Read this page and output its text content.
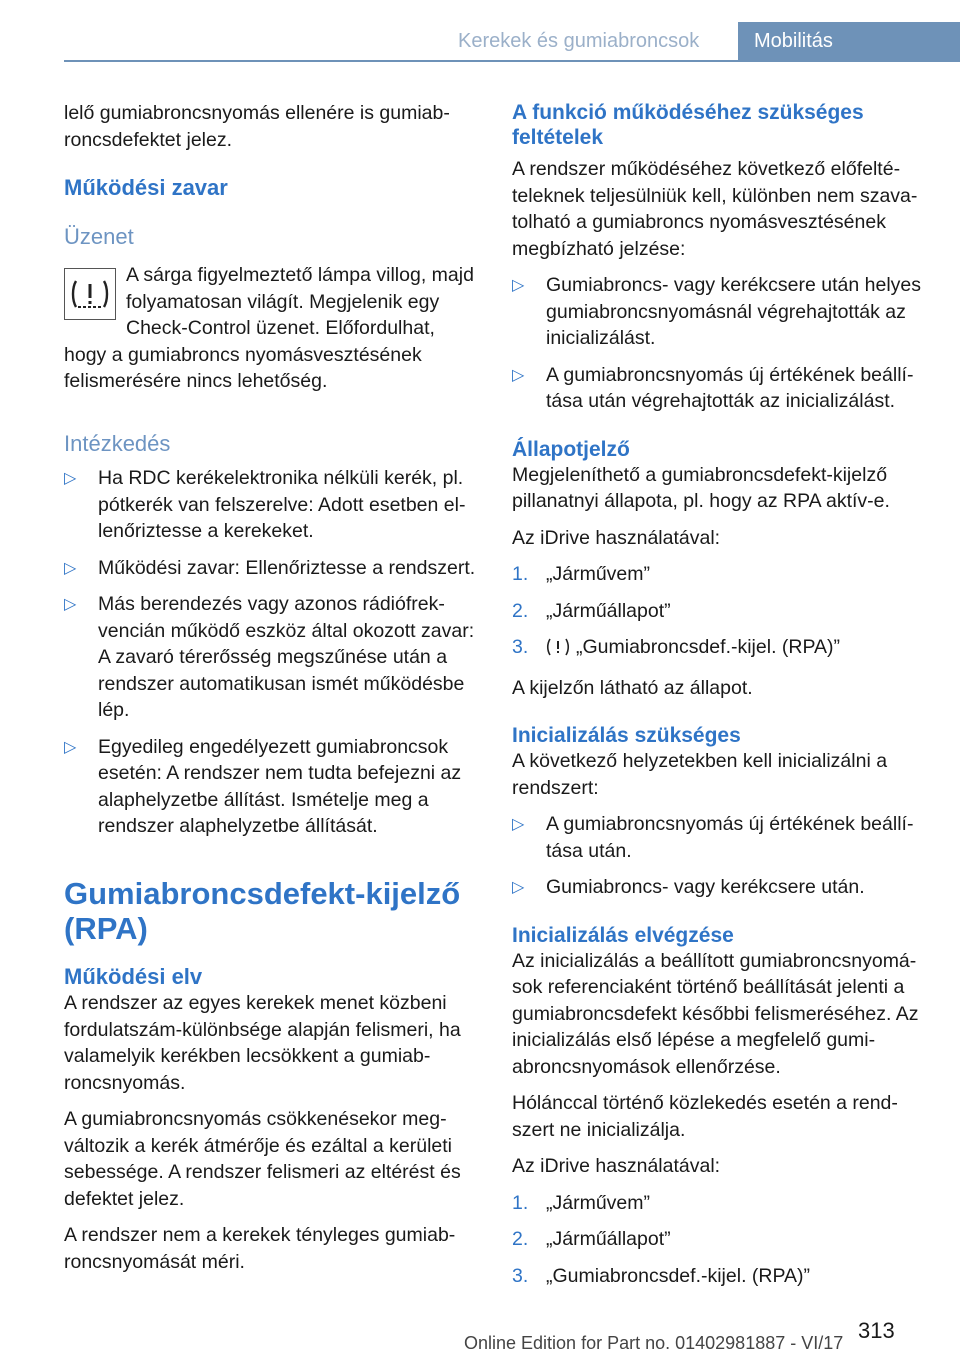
Kerekek és gumiabroncsok	Mobilitás

lelő gumiabroncsnyomás ellenére is gumiabroncsdefektet jelez.

Működési zavar
Üzenet
A sárga figyelmeztető lámpa villog, majd folyamatosan világít. Megjelenik egy Check-Control üzenet. Előfordulhat, hogy a gumiabroncs nyomásvesztésének felismerésére nincs lehetőség.
Intézkedés
▷ Ha RDC kerékelektronika nélküli kerék, pl. pótkerék van felszerelve: Adott esetben ellenőriztesse a kerekeket.
▷ Működési zavar: Ellenőriztesse a rendszert.
▷ Más berendezés vagy azonos rádiófrekvencián működő eszköz által okozott zavar: A zavaró térerősség megszűnése után a rendszer automatikusan ismét működésbe lép.
▷ Egyedileg engedélyezett gumiabroncsok esetén: A rendszer nem tudta befejezni az alaphelyzetbe állítást. Ismételje meg a rendszer alaphelyzetbe állítását.
Gumiabroncsdefekt-kijelző (RPA)
Működési elv

A rendszer az egyes kerekek menet közbeni fordulatszám-különbsége alapján felismeri, ha valamelyik kerékben lecsökkent a gumiabroncsnyomás.

A gumiabroncsnyomás csökkenésekor megváltozik a kerék átmérője és ezáltal a kerületi sebessége. A rendszer felismeri az eltérést és defektet jelez.

A rendszer nem a kerekek tényleges gumiabroncsnyomását méri.

A funkció működéséhez szükséges feltételek

A rendszer működéséhez következő előfeltételeknek teljesülniük kell, különben nem szavatolható a gumiabroncs nyomásvesztésének megbízható jelzése:

▷ Gumiabroncs- vagy kerékcsere után helyes gumiabroncsnyomásnál végrehajtották az inicializálást.
▷ A gumiabroncsnyomás új értékének beállítása után végrehajtották az inicializálást.
Állapotjelző

Megjeleníthető a gumiabroncsdefekt-kijelző pillanatnyi állapota, pl. hogy az RPA aktív-e.

Az iDrive használatával:

1. „Járművem”
2. „Járműállapot”
3. „Gumiabroncsdef.-kijel. (RPA)”

A kijelzőn látható az állapot.

Inicializálás szükséges

A következő helyzetekben kell inicializálni a rendszert:

▷ A gumiabroncsnyomás új értékének beállítása után.
▷ Gumiabroncs- vagy kerékcsere után.
Inicializálás elvégzése

Az inicializálás a beállított gumiabroncsnyomások referenciaként történő beállítását jelenti a gumiabroncsdefekt későbbi felismeréséhez. Az inicializálás első lépése a megfelelő gumiabroncsnyomások ellenőrzése.

Hólánccal történő közlekedés esetén a rendszert ne inicializálja.

Az iDrive használatával:

1. „Járművem”
2. „Járműállapot”
3. „Gumiabroncsdef.-kijel. (RPA)”
313
Online Edition for Part no. 01402981887 - VI/17
